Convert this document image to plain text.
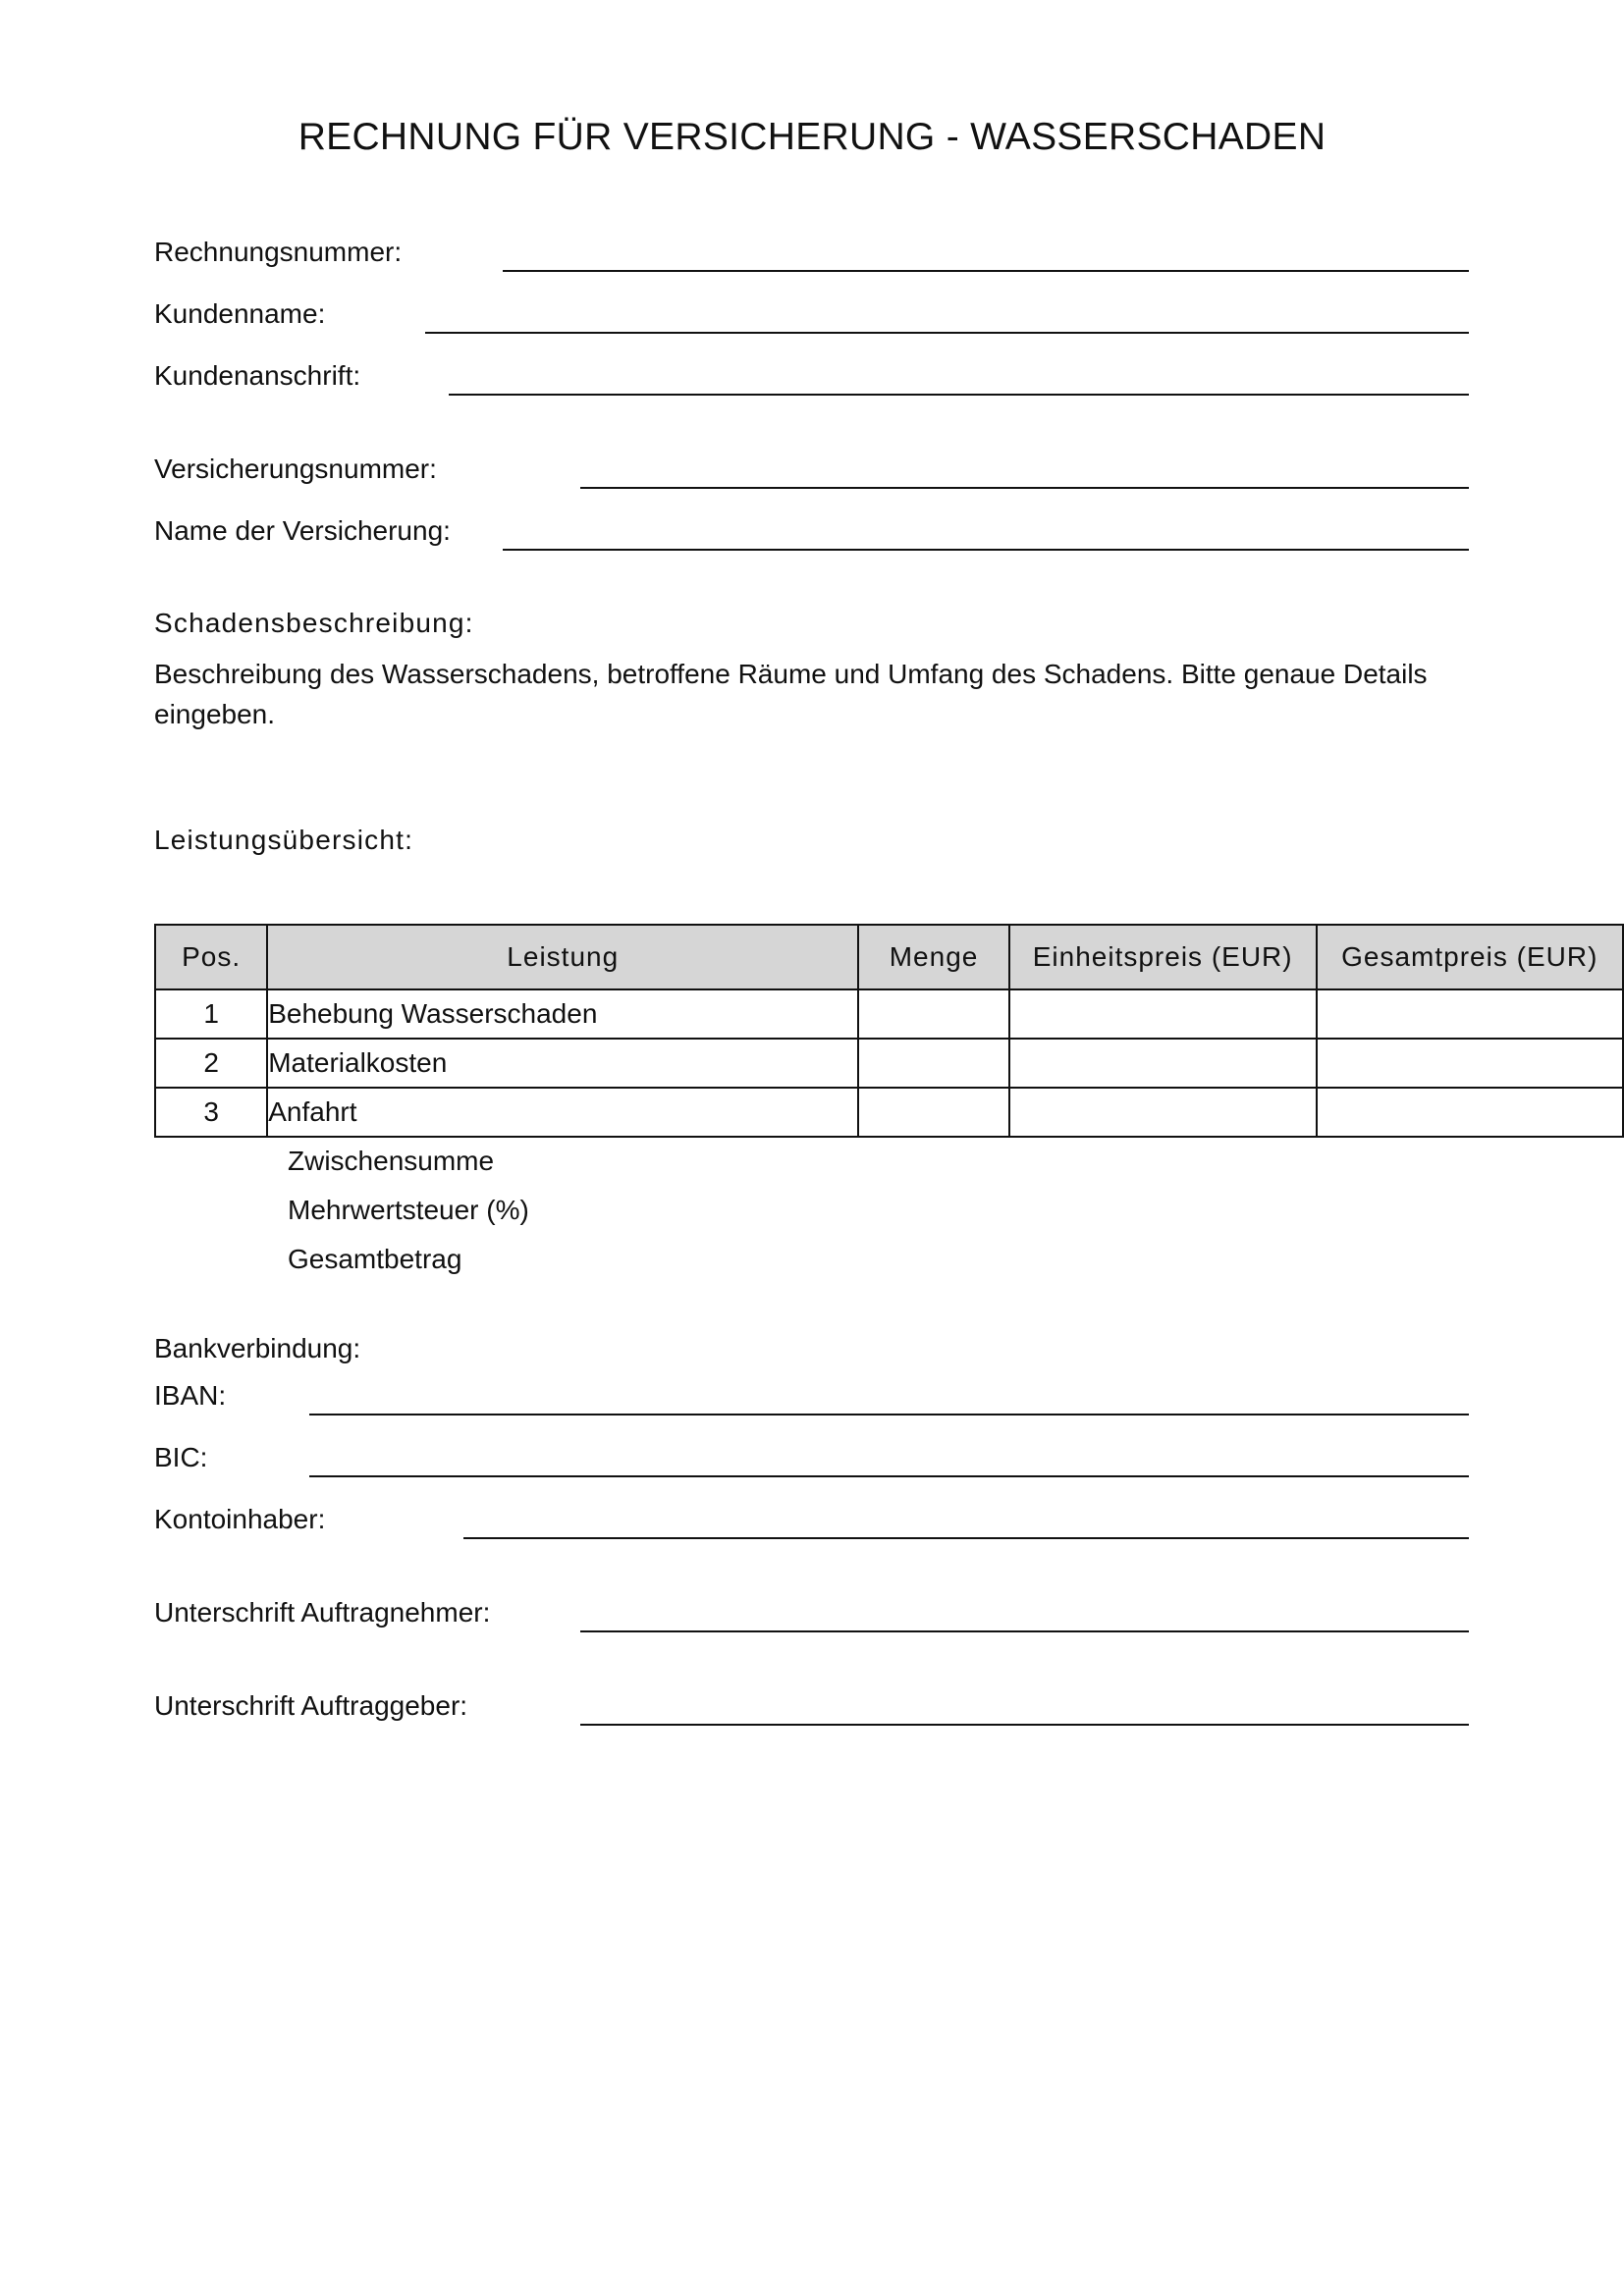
RECHNUNG FÜR VERSICHERUNG - WASSERSCHADEN
Rechnungsnummer:
Kundenname:
Kundenanschrift:
Versicherungsnummer:
Name der Versicherung:
Schadensbeschreibung:
Beschreibung des Wasserschadens, betroffene Räume und Umfang des Schadens. Bitte genaue Details eingeben.
Leistungsübersicht:
Pos.	Leistung	Menge	Einheitspreis (EUR)	Gesamtpreis (EUR)
1	Behebung Wasserschaden			
2	Materialkosten			
3	Anfahrt			
Zwischensumme
Mehrwertsteuer (%)
Gesamtbetrag
Bankverbindung:
IBAN:
BIC:
Kontoinhaber:
Unterschrift Auftragnehmer:
Unterschrift Auftraggeber:
